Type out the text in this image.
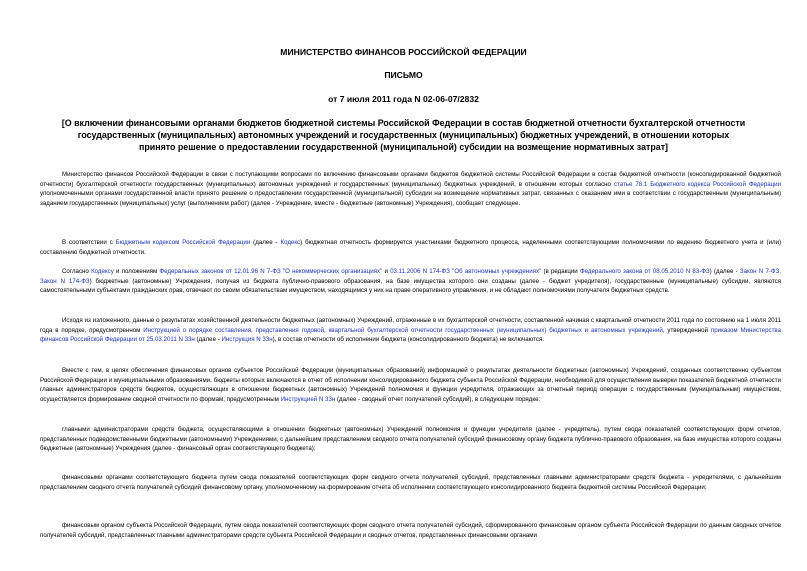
МИНИСТЕРСТВО ФИНАНСОВ РОССИЙСКОЙ ФЕДЕРАЦИИ
ПИСЬМО
от 7 июля 2011 года N 02-06-07/2832
[О включении финансовыми органами бюджетов бюджетной системы Российской Федерации в состав бюджетной отчетности бухгалтерской отчетности государственных (муниципальных) автономных учреждений и государственных (муниципальных) бюджетных учреждений, в отношении которых принято решение о предоставлении государственной (муниципальной) субсидии на возмещение нормативных затрат]
Министерство финансов Российской Федерации в связи с поступающими вопросами по включению финансовыми органами бюджетов бюджетной системы Российской Федерации в состав бюджетной отчетности (консолидированной бюджетной отчетности) бухгалтерской отчетности государственных (муниципальных) автономных учреждений и государственных (муниципальных) бюджетных учреждений, в отношении которых согласно статье 78.1 Бюджетного кодекса Российской Федерации уполномоченными органами государственной власти принято решение о предоставлении государственной (муниципальной) субсидии на возмещение нормативных затрат, связанных с оказанием ими в соответствии с государственным (муниципальным) заданием государственных (муниципальных) услуг (выполнением работ) (далее - Учреждение, вместе - бюджетные (автономные) Учреждения), сообщает следующее.
В соответствии с Бюджетным кодексом Российской Федерации (далее - Кодекс) бюджетная отчетность формируется участниками бюджетного процесса, наделенными соответствующими полномочиями по ведению бюджетного учета и (или) составлению бюджетной отчетности.
Согласно Кодексу и положениям Федеральных законов от 12.01.96 N 7-ФЗ "О некоммерческих организациях" и 03.11.2006 N 174-ФЗ "Об автономных учреждениях" (в редакции Федерального закона от 08.05.2010 N 83-ФЗ) (далее - Закон N 7-ФЗ, Закон N 174-ФЗ) бюджетные (автономные) Учреждения, получая из бюджета публично-правового образования, на базе имущества которого они созданы (далее - бюджет учредителя), государственные (муниципальные) субсидии, являются самостоятельными субъектами гражданских прав, отвечают по своим обязательствам имуществом, находящимся у них на праве оперативного управления, и не обладают полномочиями получателя бюджетных средств.
Исходя из изложенного, данные о результатах хозяйственной деятельности бюджетных (автономных) Учреждений, отраженные в их бухгалтерской отчетности, составленной начиная с квартальной отчетности 2011 года по состоянию на 1 июля 2011 года в порядке, предусмотренном Инструкцией о порядке составления, представления годовой, квартальной бухгалтерской отчетности государственных (муниципальных) бюджетных и автономных учреждений, утвержденной приказом Министерства финансов Российской Федерации от 25.03.2011 N 33н (далее - Инструкция N 33н), в состав отчетности об исполнении бюджета (консолидированного бюджета) не включаются.
Вместе с тем, в целях обеспечения финансовых органов субъектов Российской Федерации (муниципальных образований) информацией о результатах деятельности бюджетных (автономных) Учреждений, созданных соответственно субъектом Российской Федерации и муниципальными образованиями, бюджеты которых включаются в отчет об исполнении консолидированного бюджета субъекта Российской Федерации, необходимой для осуществления выверки показателей бюджетной отчетности главных администраторов средств бюджетов, осуществляющих в отношении бюджетных (автономных) Учреждений полномочия и функции учредителя, отражающих за отчетный период операции с государственным (муниципальным) имуществом, осуществляется формирование сводной отчетности по формам, предусмотренным Инструкцией N 33н (далее - сводный отчет получателей субсидий), в следующем порядке:
главными администраторами средств бюджета, осуществляющими в отношении бюджетных (автономных) Учреждений полномочия и функции учредителя (далее - учредитель), путем свода показателей соответствующих форм отчетов, представленных подведомственными бюджетными (автономными) Учреждениями, с дальнейшим представлением сводного отчета получателей субсидий финансовому органу бюджета публично-правового образования, на базе имущества которого созданы бюджетные (автономные) Учреждения (далее - финансовый орган соответствующего бюджета);
финансовыми органами соответствующего бюджета путем свода показателей соответствующих форм сводного отчета получателей субсидий, представленных главными администраторами средств бюджета - учредителями, с дальнейшим представлением сводного отчета получателей субсидий финансовому органу, уполномоченному на формирование отчета об исполнении соответствующего консолидированного бюджета бюджетной системы Российской Федерации;
финансовым органом субъекта Российской Федерации, путем свода показателей соответствующих форм сводного отчета получателей субсидий, сформированного финансовым органом субъекта Российской Федерации по данным сводных отчетов получателей субсидий, представленных главными администраторами средств субъекта Российской Федерации и сводных отчетов, представленных финансовыми органами
